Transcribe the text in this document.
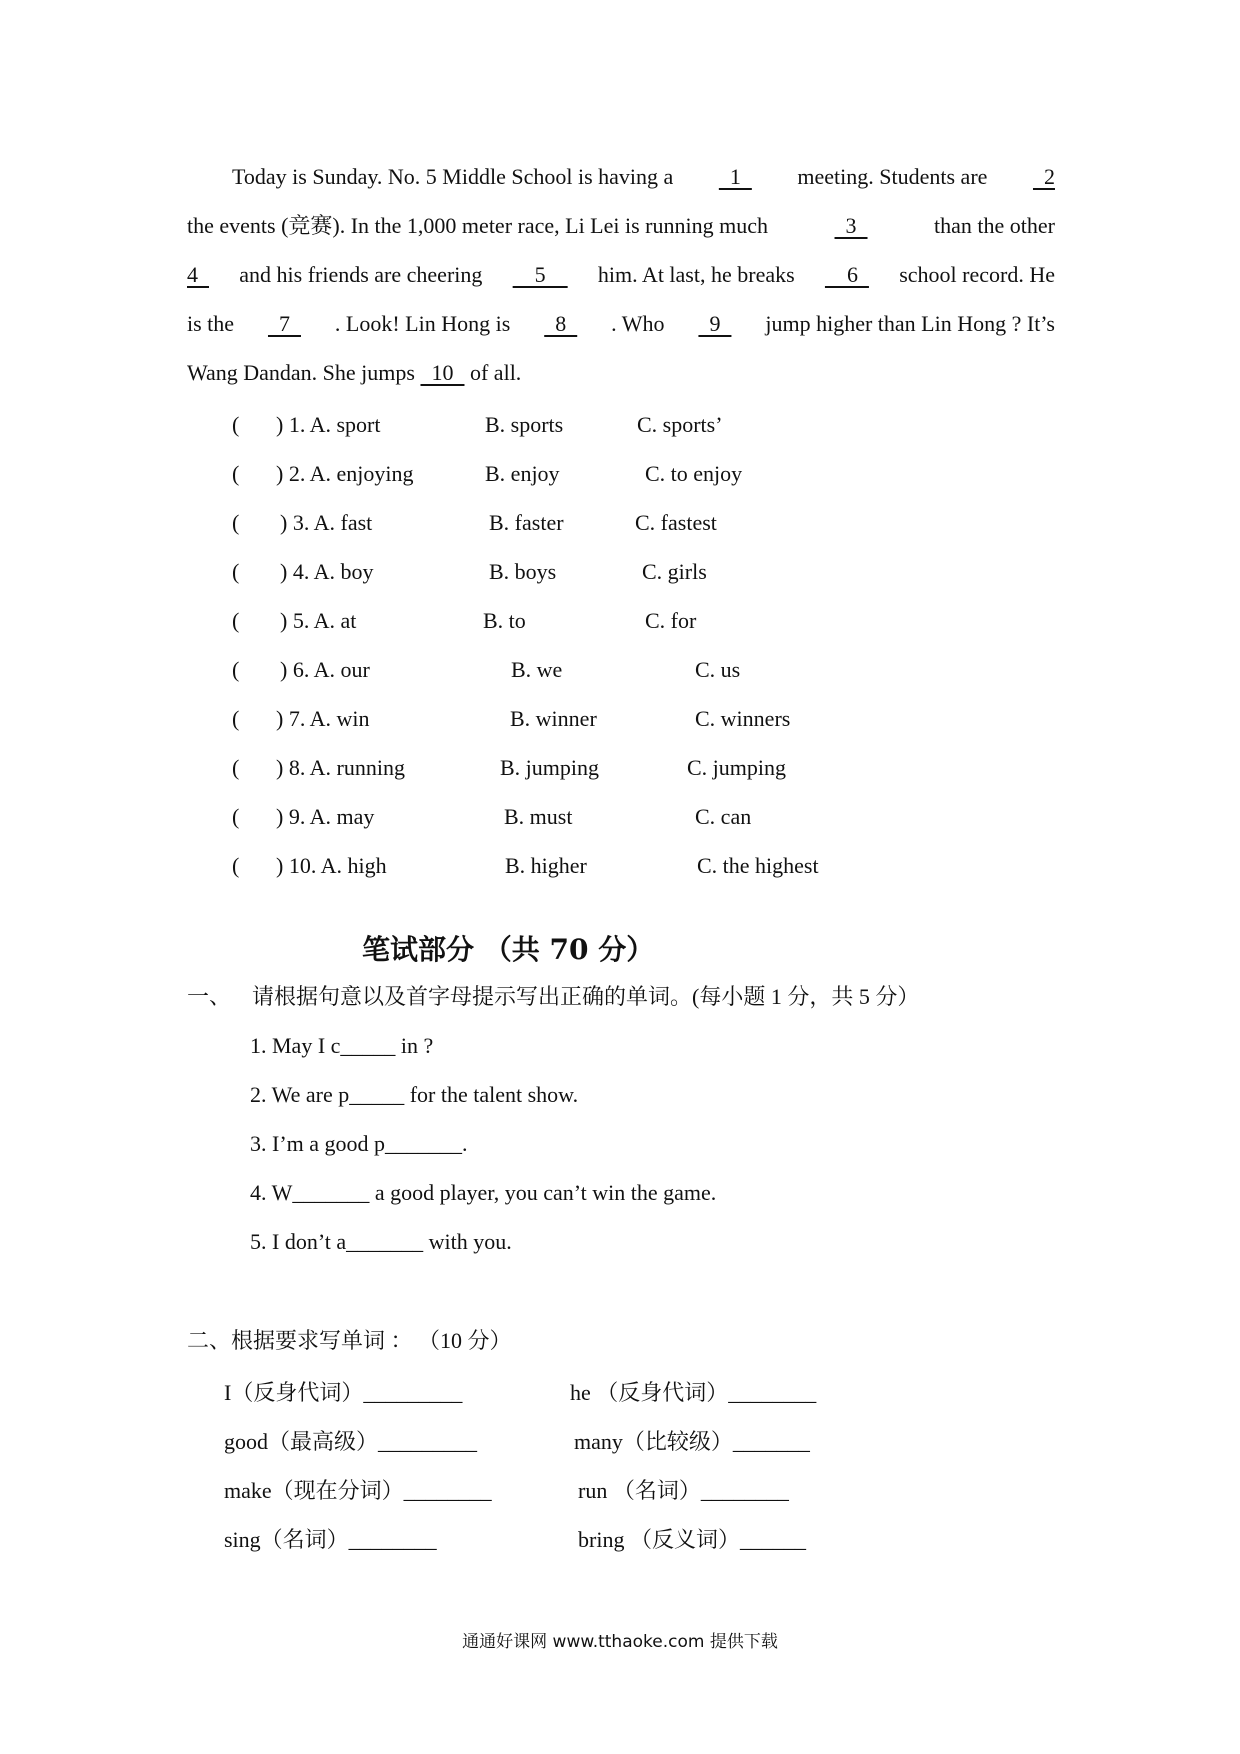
Today is Sunday. No. 5 Middle School is having a 1 meeting. Students are 2
the events (竞赛). In the 1,000 meter race, Li Lei is running much	3	than the other
4 and his friends are cheering 5 him. At last, he breaks 6 school record. He
is the 7 . Look! Lin Hong is 8 . Who 9 jump higher than Lin Hong ? It’s
Wang Dandan. She jumps   10   of all.
( ) 1. A. sport	B. sports	C. sports’
( ) 2. A. enjoying	B. enjoy	C. to enjoy
( ) 3. A. fast	B. faster	C. fastest
( ) 4. A. boy	B. boys	C. girls
( ) 5. A. at	B. to	C. for
( ) 6. A. our	B. we	C. us
( ) 7. A. win	B. winner	C. winners
( ) 8. A. running	B. jumping	C. jumping
( ) 9. A. may	B. must	C. can
( ) 10. A. high	B. higher	C. the highest
笔试部分 （共 70 分）
一、 请根据句意以及首字母提示写出正确的单词。(每小题 1 分，共 5 分）
1. May I c_____ in ?
2. We are p_____ for the talent show.
3. I’m a good p_______.
4. W_______ a good player, you can’t win the game.
5. I don’t a_______ with you.
二、根据要求写单词 ： （10 分）
I（反身代词）_________	he （反身代词）________
good（最高级）_________	many（比较级）_______
make（现在分词）________	run （名词）________
sing（名词）________	bring （反义词）______
通通好课网 www.tthaoke.com 提供下载
